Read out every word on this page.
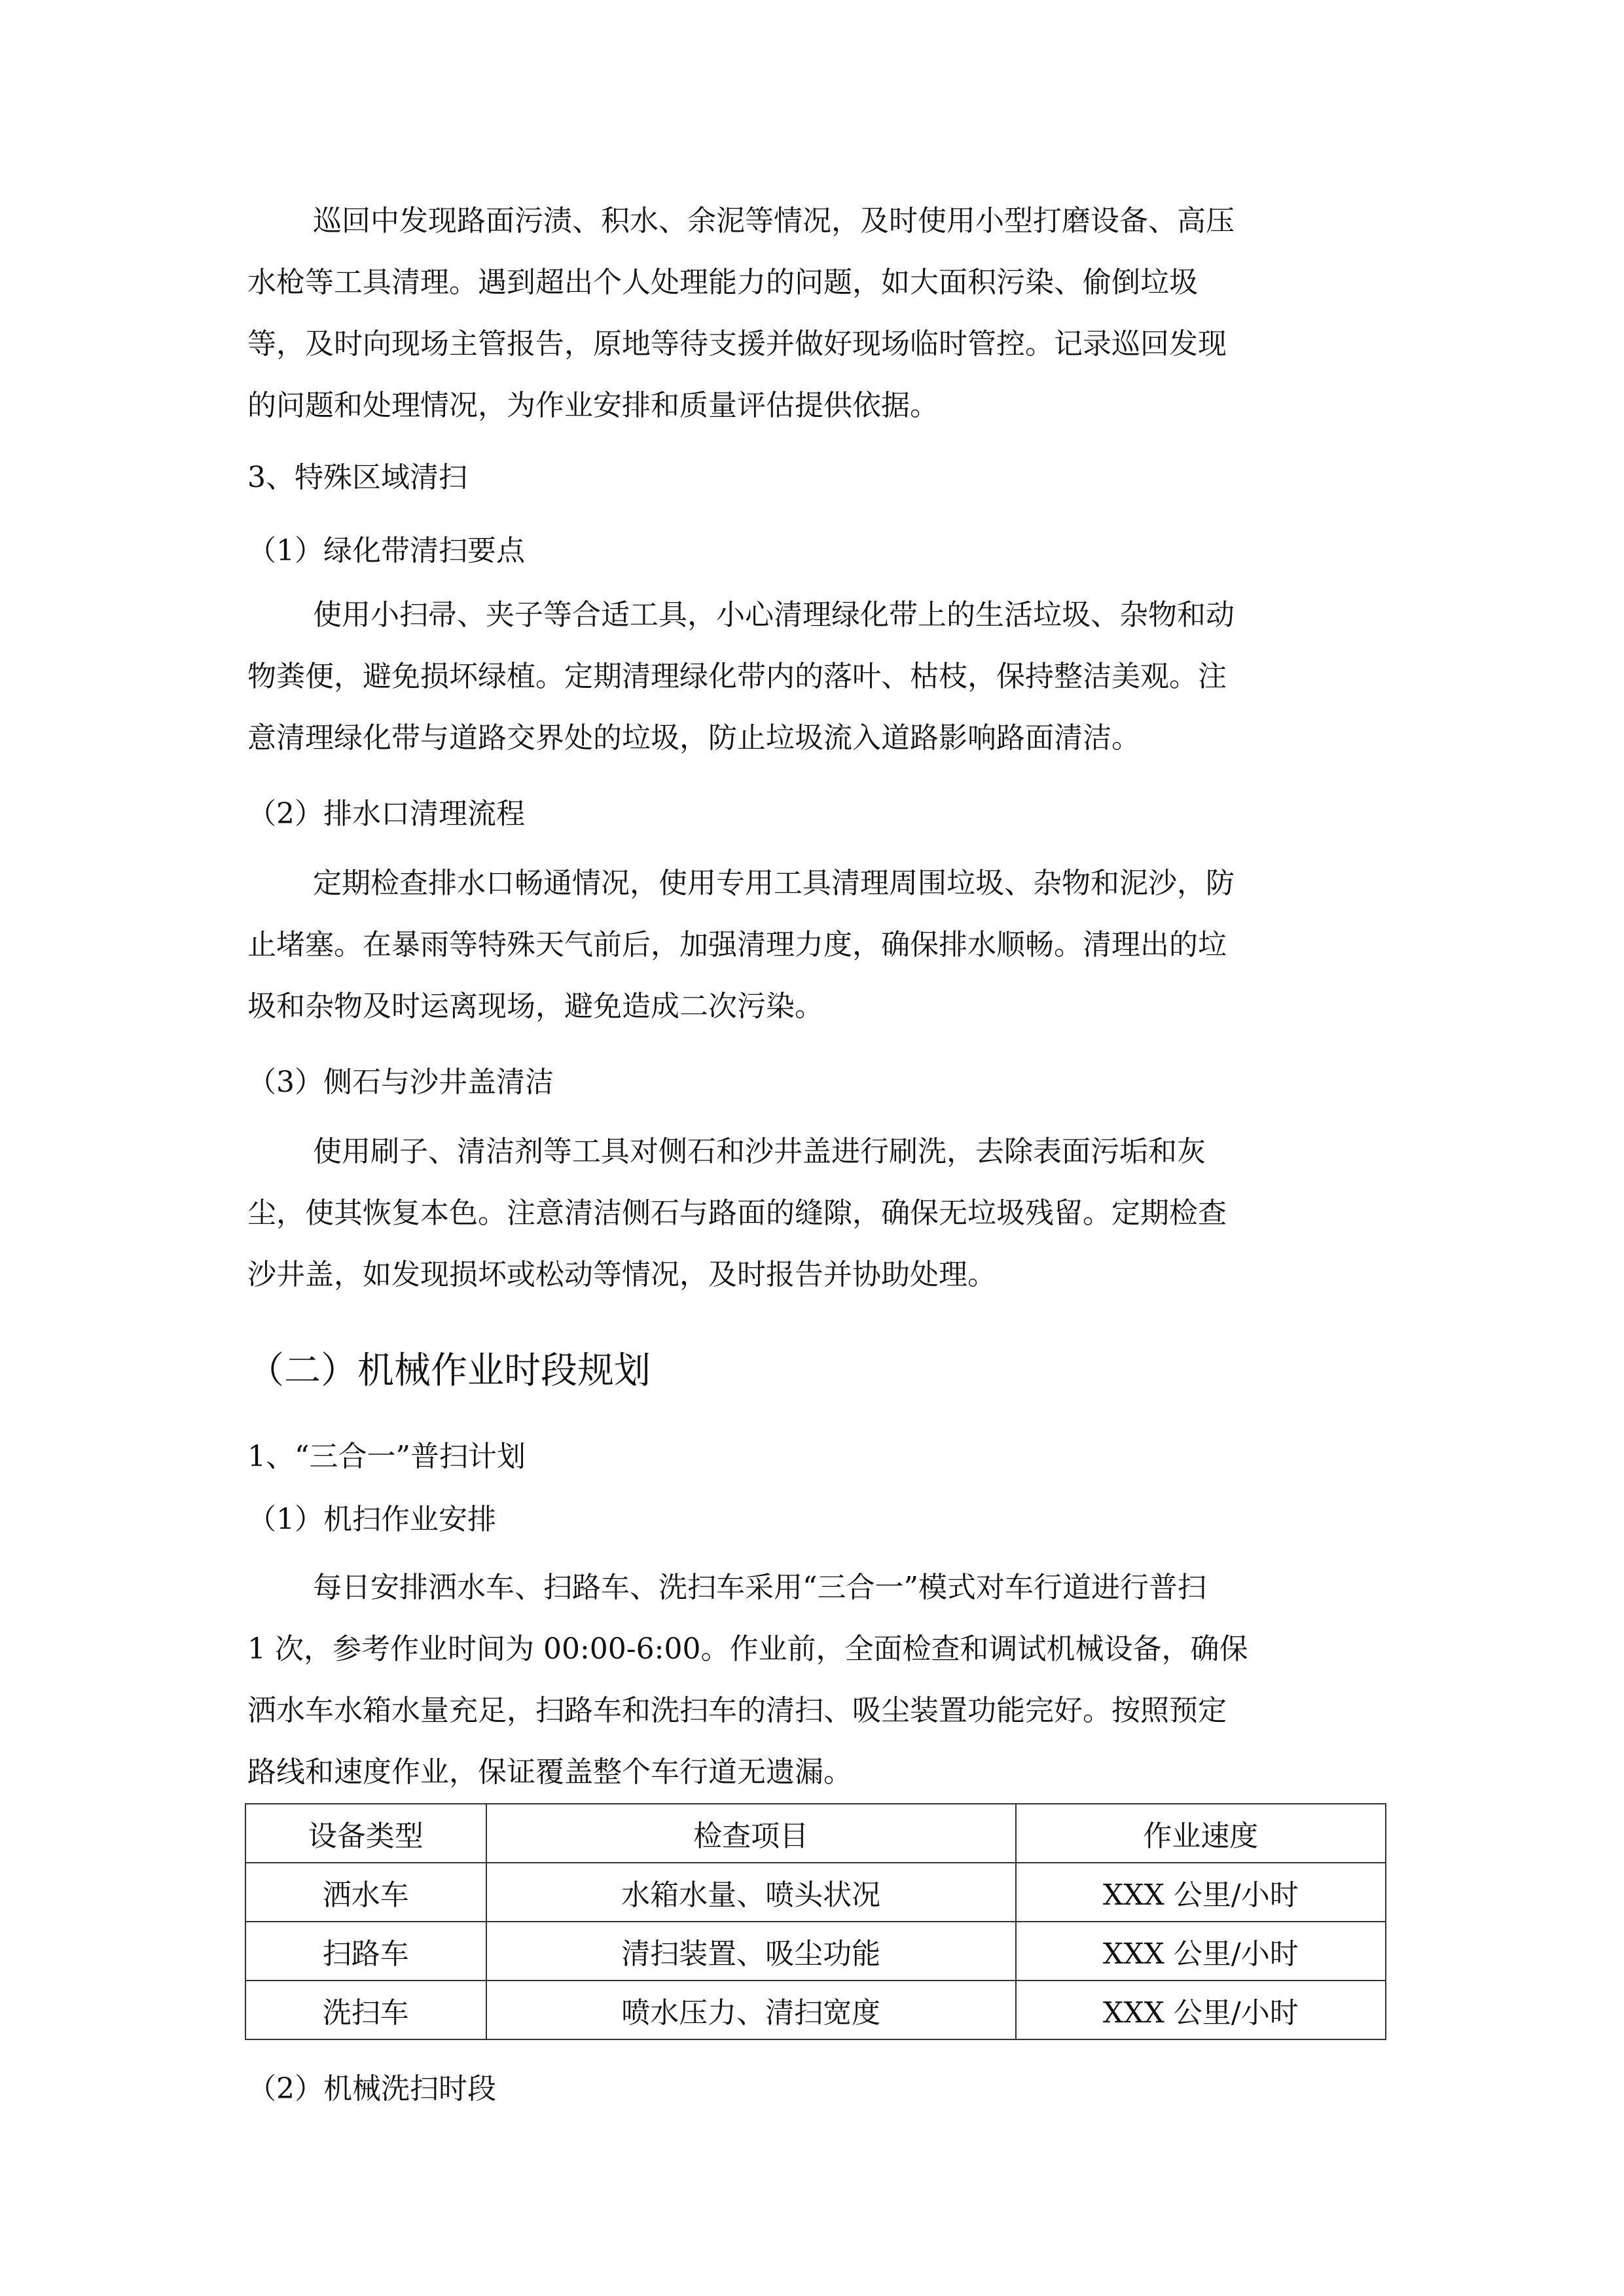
巡回中发现路面污渍、积水、余泥等情况，及时使用小型打磨设备、高压
水枪等工具清理。遇到超出个人处理能力的问题，如大面积污染、偷倒垃圾
等，及时向现场主管报告，原地等待支援并做好现场临时管控。记录巡回发现
的问题和处理情况，为作业安排和质量评估提供依据。
3、特殊区域清扫
（1）绿化带清扫要点
使用小扫帚、夹子等合适工具，小心清理绿化带上的生活垃圾、杂物和动
物粪便，避免损坏绿植。定期清理绿化带内的落叶、枯枝，保持整洁美观。注
意清理绿化带与道路交界处的垃圾，防止垃圾流入道路影响路面清洁。
（2）排水口清理流程
定期检查排水口畅通情况，使用专用工具清理周围垃圾、杂物和泥沙，防
止堵塞。在暴雨等特殊天气前后，加强清理力度，确保排水顺畅。清理出的垃
圾和杂物及时运离现场，避免造成二次污染。
（3）侧石与沙井盖清洁
使用刷子、清洁剂等工具对侧石和沙井盖进行刷洗，去除表面污垢和灰
尘，使其恢复本色。注意清洁侧石与路面的缝隙，确保无垃圾残留。定期检查
沙井盖，如发现损坏或松动等情况，及时报告并协助处理。
（二）机械作业时段规划
1、“三合一”普扫计划
（1）机扫作业安排
每日安排洒水车、扫路车、洗扫车采用“三合一”模式对车行道进行普扫
1 次，参考作业时间为 00:00-6:00。作业前，全面检查和调试机械设备，确保
洒水车水箱水量充足，扫路车和洗扫车的清扫、吸尘装置功能完好。按照预定
路线和速度作业，保证覆盖整个车行道无遗漏。
设备类型	检查项目	作业速度
洒水车	水箱水量、喷头状况	XXX 公里/小时
扫路车	清扫装置、吸尘功能	XXX 公里/小时
洗扫车	喷水压力、清扫宽度	XXX 公里/小时
（2）机械洗扫时段
